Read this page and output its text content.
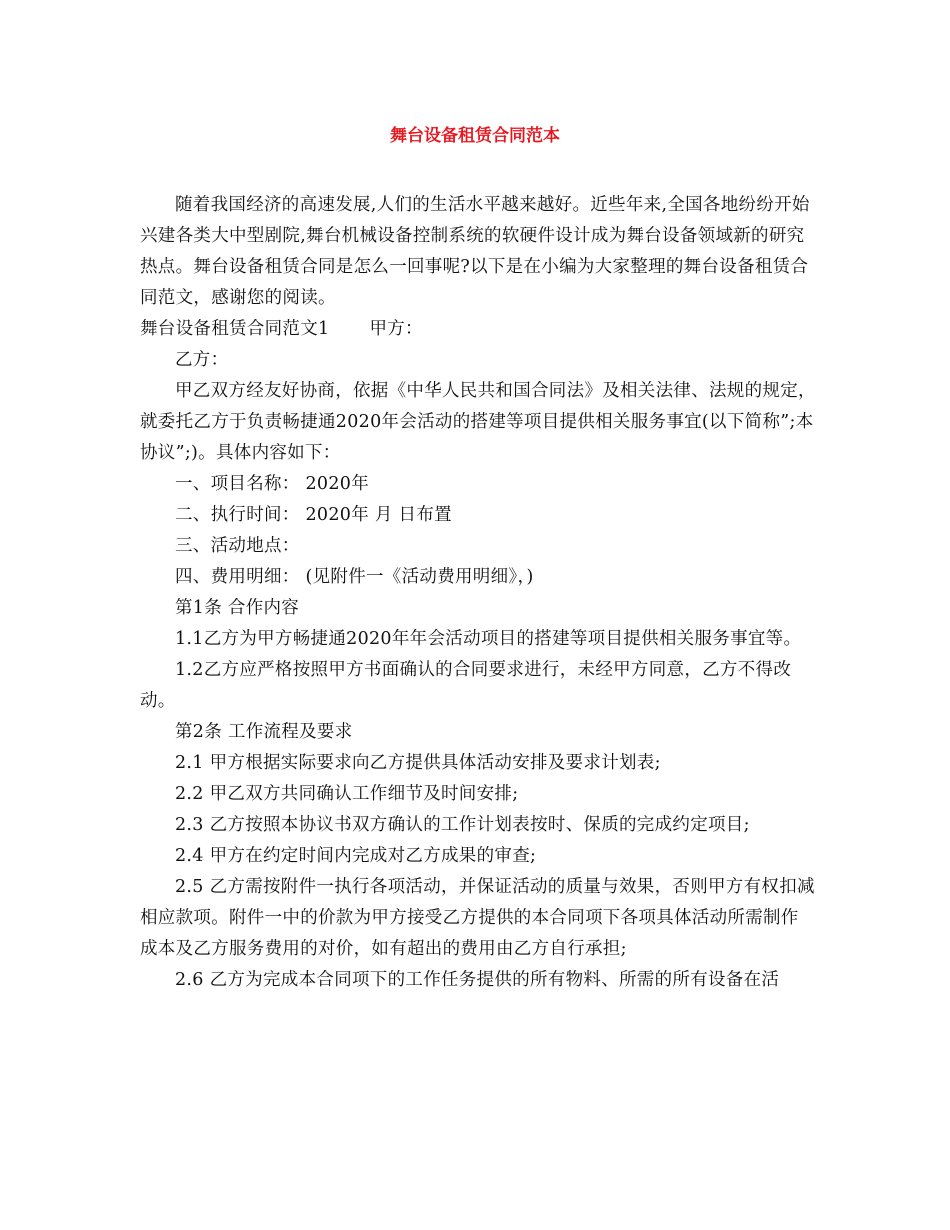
舞台设备租赁合同范本

随着我国经济的高速发展,人们的生活水平越来越好。近些年来,全国各地纷纷开始兴建各类大中型剧院,舞台机械设备控制系统的软硬件设计成为舞台设备领域新的研究热点。舞台设备租赁合同是怎么一回事呢?以下是在小编为大家整理的舞台设备租赁合同范文，感谢您的阅读。

舞台设备租赁合同范文1 甲方：

乙方：

甲乙双方经友好协商，依据《中华人民共和国合同法》及相关法律、法规的规定，就委托乙方于负责畅捷通2020年会活动的搭建等项目提供相关服务事宜(以下简称”;本协议”;)。具体内容如下：

一、项目名称： 2020年

二、执行时间： 2020年 月 日布置

三、活动地点：

四、费用明细： (见附件一《活动费用明细》，)

第1条 合作内容

1.1乙方为甲方畅捷通2020年年会活动项目的搭建等项目提供相关服务事宜等。

1.2乙方应严格按照甲方书面确认的合同要求进行，未经甲方同意，乙方不得改动。

第2条 工作流程及要求

2.1 甲方根据实际要求向乙方提供具体活动安排及要求计划表;

2.2 甲乙双方共同确认工作细节及时间安排;

2.3 乙方按照本协议书双方确认的工作计划表按时、保质的完成约定项目;

2.4 甲方在约定时间内完成对乙方成果的审查;

2.5 乙方需按附件一执行各项活动，并保证活动的质量与效果，否则甲方有权扣减相应款项。附件一中的价款为甲方接受乙方提供的本合同项下各项具体活动所需制作成本及乙方服务费用的对价，如有超出的费用由乙方自行承担;

2.6 乙方为完成本合同项下的工作任务提供的所有物料、所需的所有设备在活
